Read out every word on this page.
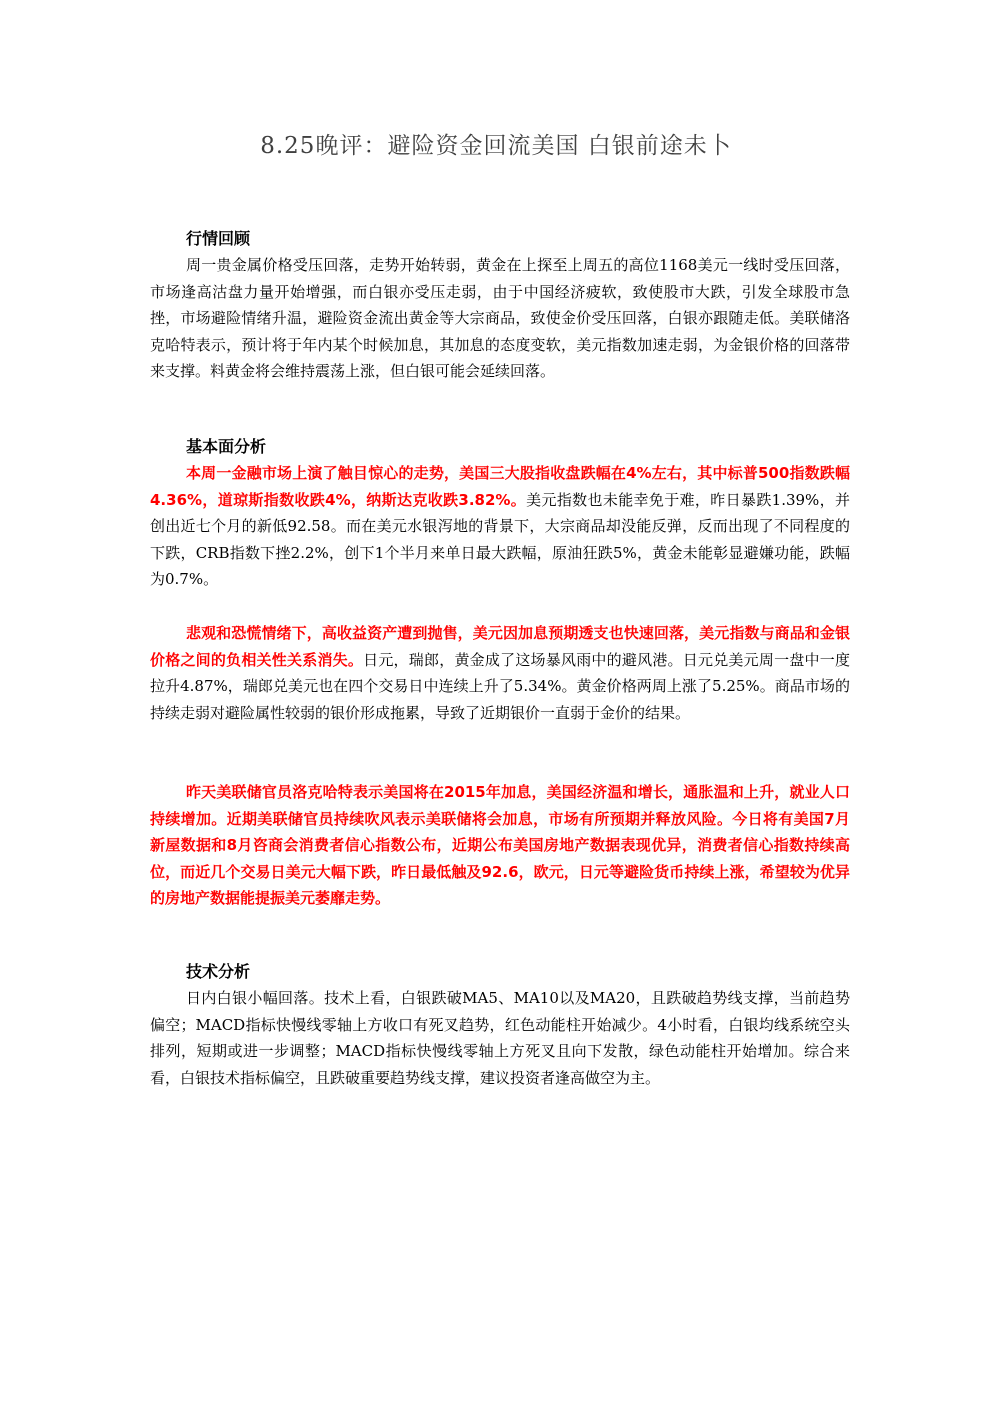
8.25晚评：避险资金回流美国 白银前途未卜
行情回顾

周一贵金属价格受压回落，走势开始转弱，黄金在上探至上周五的高位1168美元一线时受压回落，市场逢高沽盘力量开始增强，而白银亦受压走弱，由于中国经济疲软，致使股市大跌，引发全球股市急挫，市场避险情绪升温，避险资金流出黄金等大宗商品，致使金价受压回落，白银亦跟随走低。美联储洛克哈特表示，预计将于年内某个时候加息，其加息的态度变软，美元指数加速走弱，为金银价格的回落带来支撑。料黄金将会维持震荡上涨，但白银可能会延续回落。

基本面分析

本周一金融市场上演了触目惊心的走势，美国三大股指收盘跌幅在4%左右，其中标普500指数跌幅4.36%，道琼斯指数收跌4%，纳斯达克收跌3.82%。美元指数也未能幸免于难，昨日暴跌1.39%，并创出近七个月的新低92.58。而在美元水银泻地的背景下，大宗商品却没能反弹，反而出现了不同程度的下跌，CRB指数下挫2.2%，创下1个半月来单日最大跌幅，原油狂跌5%，黄金未能彰显避嫌功能，跌幅为0.7%。

悲观和恐慌情绪下，高收益资产遭到抛售，美元因加息预期透支也快速回落，美元指数与商品和金银价格之间的负相关性关系消失。日元，瑞郎，黄金成了这场暴风雨中的避风港。日元兑美元周一盘中一度拉升4.87%，瑞郎兑美元也在四个交易日中连续上升了5.34%。黄金价格两周上涨了5.25%。商品市场的持续走弱对避险属性较弱的银价形成拖累，导致了近期银价一直弱于金价的结果。

昨天美联储官员洛克哈特表示美国将在2015年加息，美国经济温和增长，通胀温和上升，就业人口持续增加。近期美联储官员持续吹风表示美联储将会加息，市场有所预期并释放风险。今日将有美国7月新屋数据和8月咨商会消费者信心指数公布，近期公布美国房地产数据表现优异，消费者信心指数持续高位，而近几个交易日美元大幅下跌，昨日最低触及92.6，欧元，日元等避险货币持续上涨，希望较为优异的房地产数据能提振美元萎靡走势。

技术分析

日内白银小幅回落。技术上看，白银跌破MA5、MA10以及MA20，且跌破趋势线支撑，当前趋势偏空；MACD指标快慢线零轴上方收口有死叉趋势，红色动能柱开始减少。4小时看，白银均线系统空头排列，短期或进一步调整；MACD指标快慢线零轴上方死叉且向下发散，绿色动能柱开始增加。综合来看，白银技术指标偏空，且跌破重要趋势线支撑，建议投资者逢高做空为主。
